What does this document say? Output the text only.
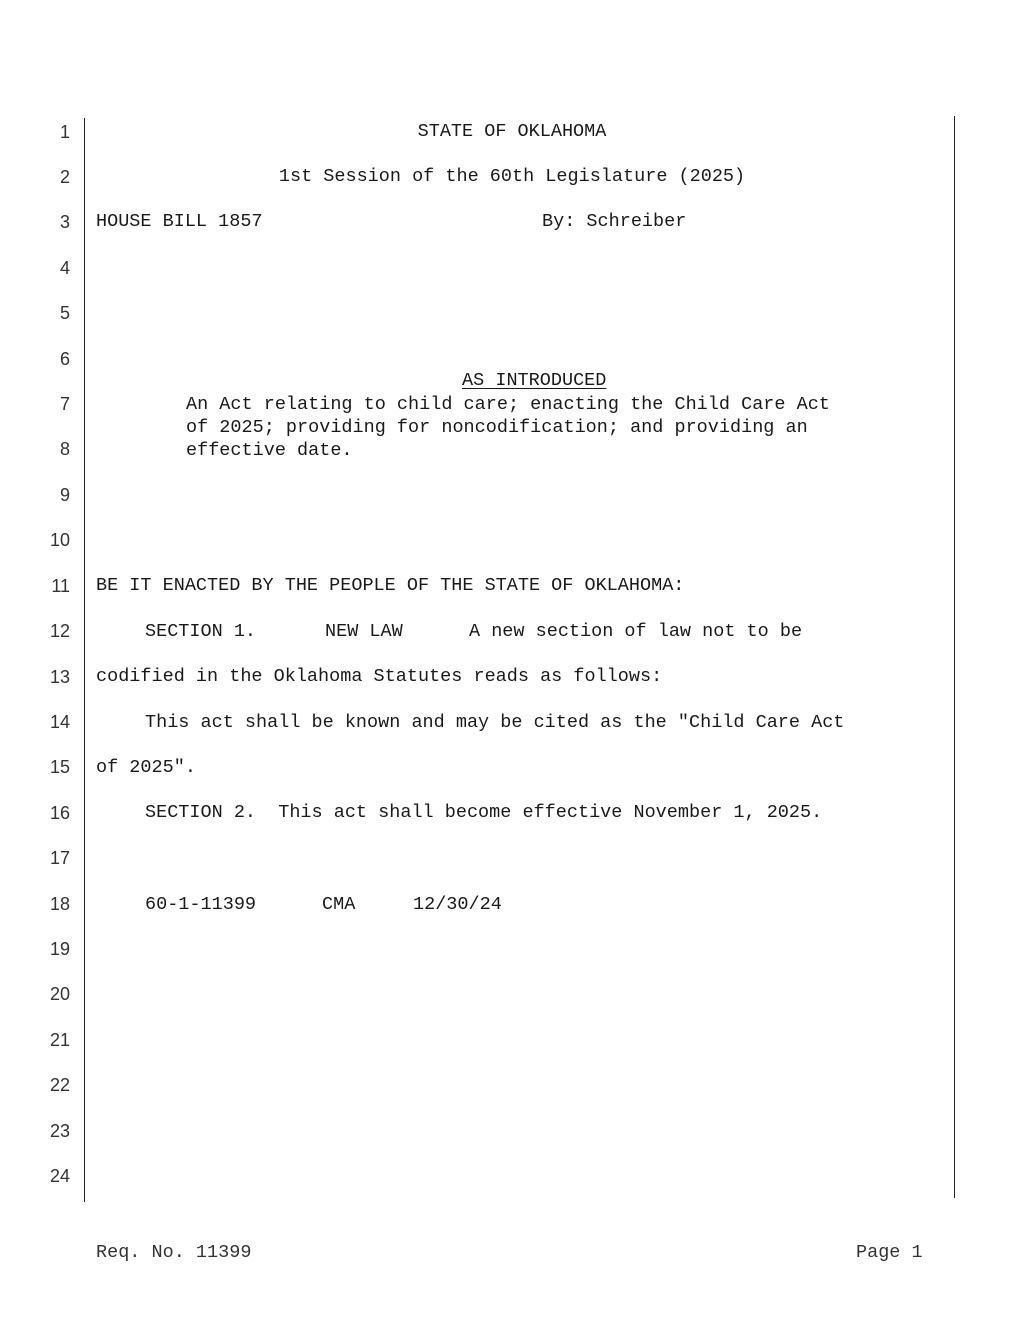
1
2
3
4
5
6
7
8
9
10
11
12
13
14
15
16
17
18
19
20
21
22
23
24
STATE OF OKLAHOMA
1st Session of the 60th Legislature (2025)
HOUSE BILL 1857	By: Schreiber

AS INTRODUCED

An Act relating to child care; enacting the Child Care Act of 2025; providing for noncodification; and providing an effective date.
BE IT ENACTED BY THE PEOPLE OF THE STATE OF OKLAHOMA:
SECTION 1.	NEW LAW	A new section of law not to be
codified in the Oklahoma Statutes reads as follows:
This act shall be known and may be cited as the "Child Care Act
of 2025".
SECTION 2.  This act shall become effective November 1, 2025.
60-1-11399	CMA	12/30/24
Req. No. 11399	Page 1
